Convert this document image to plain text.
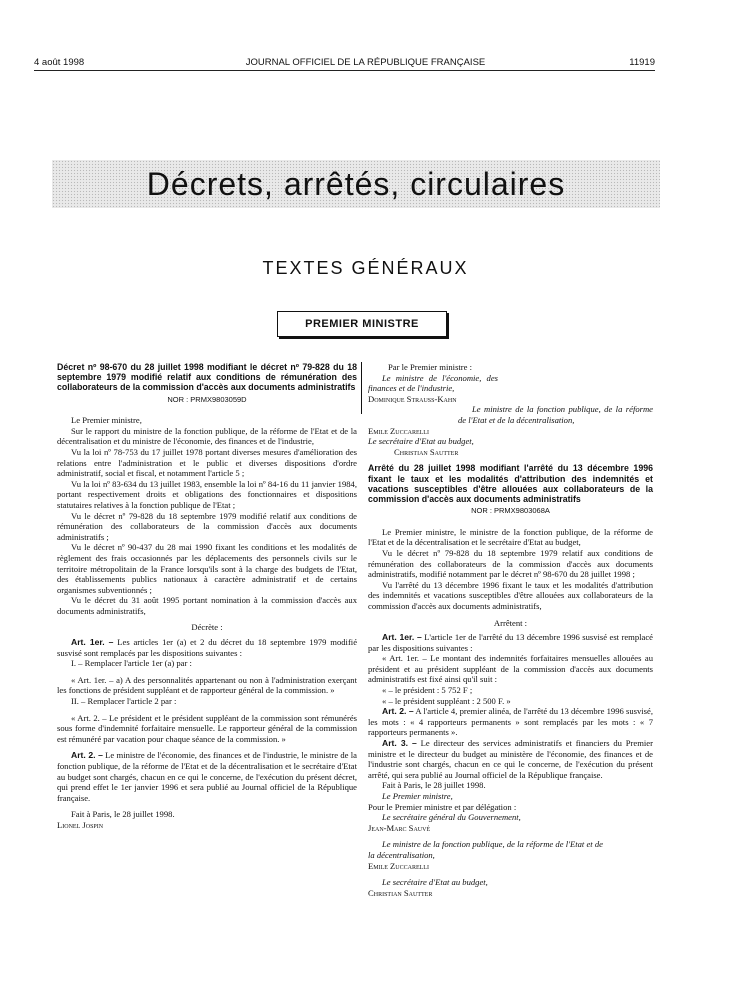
4 août 1998	JOURNAL OFFICIEL DE LA RÉPUBLIQUE FRANÇAISE	11919
Décrets, arrêtés, circulaires
TEXTES GÉNÉRAUX
PREMIER MINISTRE
Décret nº 98-670 du 28 juillet 1998 modifiant le décret nº 79-828 du 18 septembre 1979 modifié relatif aux conditions de rémunération des collaborateurs de la commission d'accès aux documents administratifs
NOR : PRMX9803059D

Le Premier ministre,

Sur le rapport du ministre de la fonction publique, de la réforme de l'Etat et de la décentralisation et du ministre de l'économie, des finances et de l'industrie,

Vu la loi nº 78-753 du 17 juillet 1978 portant diverses mesures d'amélioration des relations entre l'administration et le public et diverses dispositions d'ordre administratif, social et fiscal, et notamment l'article 5 ;

Vu la loi nº 83-634 du 13 juillet 1983, ensemble la loi nº 84-16 du 11 janvier 1984, portant respectivement droits et obligations des fonctionnaires et dispositions statutaires relatives à la fonction publique de l'Etat ;

Vu le décret nº 79-828 du 18 septembre 1979 modifié relatif aux conditions de rémunération des collaborateurs de la commission d'accès aux documents administratifs ;

Vu le décret nº 90-437 du 28 mai 1990 fixant les conditions et les modalités de règlement des frais occasionnés par les déplacements des personnels civils sur le territoire métropolitain de la France lorsqu'ils sont à la charge des budgets de l'Etat, des établissements publics nationaux à caractère administratif et de certains organismes subventionnés ;

Vu le décret du 31 août 1995 portant nomination à la commission d'accès aux documents administratifs,

Décrète :

Art. 1er. – Les articles 1er (a) et 2 du décret du 18 septembre 1979 modifié susvisé sont remplacés par les dispositions suivantes :

I. – Remplacer l'article 1er (a) par :

« Art. 1er. – a) A des personnalités appartenant ou non à l'administration exerçant les fonctions de président suppléant et de rapporteur général de la commission. »

II. – Remplacer l'article 2 par :

« Art. 2. – Le président et le président suppléant de la commission sont rémunérés sous forme d'indemnité forfaitaire mensuelle. Le rapporteur général de la commission est rémunéré par vacation pour chaque séance de la commission. »

Art. 2. – Le ministre de l'économie, des finances et de l'industrie, le ministre de la fonction publique, de la réforme de l'Etat et de la décentralisation et le secrétaire d'Etat au budget sont chargés, chacun en ce qui le concerne, de l'exécution du présent décret, qui prend effet le 1er janvier 1996 et sera publié au Journal officiel de la République française.

Fait à Paris, le 28 juillet 1998.

Lionel Jospin

Par le Premier ministre :

Le ministre de l'économie, des finances et de l'industrie,

Dominique Strauss-Kahn

Le ministre de la fonction publique, de la réforme de l'Etat et de la décentralisation,

Emile Zuccarelli

Le secrétaire d'Etat au budget,

Christian Sautter

Arrêté du 28 juillet 1998 modifiant l'arrêté du 13 décembre 1996 fixant le taux et les modalités d'attribution des indemnités et vacations susceptibles d'être allouées aux collaborateurs de la commission d'accès aux documents administratifs
NOR : PRMX9803068A

Le Premier ministre, le ministre de la fonction publique, de la réforme de l'Etat et de la décentralisation et le secrétaire d'Etat au budget,

Vu le décret nº 79-828 du 18 septembre 1979 relatif aux conditions de rémunération des collaborateurs de la commission d'accès aux documents administratifs, modifié notamment par le décret nº 98-670 du 28 juillet 1998 ;

Vu l'arrêté du 13 décembre 1996 fixant le taux et les modalités d'attribution des indemnités et vacations susceptibles d'être allouées aux collaborateurs de la commission d'accès aux documents administratifs,

Arrêtent :

Art. 1er. – L'article 1er de l'arrêté du 13 décembre 1996 susvisé est remplacé par les dispositions suivantes :

« Art. 1er. – Le montant des indemnités forfaitaires mensuelles allouées au président et au président suppléant de la commission d'accès aux documents administratifs est fixé ainsi qu'il suit :

« – le président : 5 752 F ;

« – le président suppléant : 2 500 F. »

Art. 2. – A l'article 4, premier alinéa, de l'arrêté du 13 décembre 1996 susvisé, les mots : « 4 rapporteurs permanents » sont remplacés par les mots : « 7 rapporteurs permanents ».

Art. 3. – Le directeur des services administratifs et financiers du Premier ministre et le directeur du budget au ministère de l'économie, des finances et de l'industrie sont chargés, chacun en ce qui le concerne, de l'exécution du présent arrêté, qui sera publié au Journal officiel de la République française.

Fait à Paris, le 28 juillet 1998.

Le Premier ministre,

Pour le Premier ministre et par délégation :

Le secrétaire général du Gouvernement,

Jean-Marc Sauvé

Le ministre de la fonction publique, de la réforme de l'Etat et de la décentralisation,

Emile Zuccarelli

Le secrétaire d'Etat au budget,

Christian Sautter
